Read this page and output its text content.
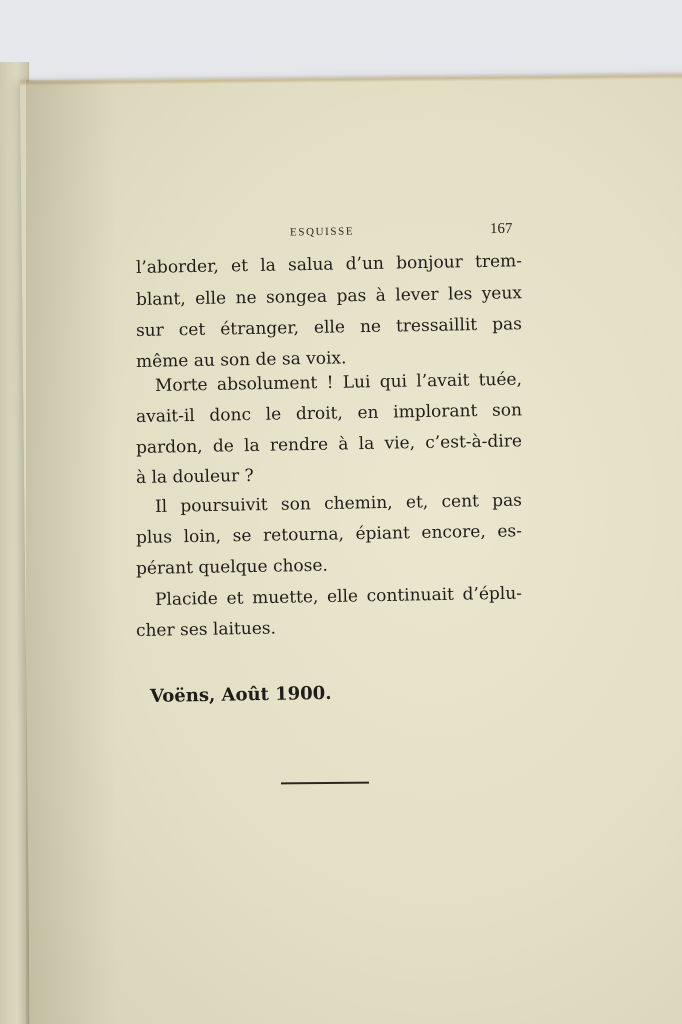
ESQUISSE	167
l’aborder, et la salua d’un bonjour trem-
blant, elle ne songea pas à lever les yeux
sur cet étranger, elle ne tressaillit pas
même au son de sa voix.
Morte absolument ! Lui qui l’avait tuée,
avait-il donc le droit, en implorant son
pardon, de la rendre à la vie, c’est-à-dire
à la douleur ?
Il poursuivit son chemin, et, cent pas
plus loin, se retourna, épiant encore, es-
pérant quelque chose.
Placide et muette, elle continuait d’éplu-
cher ses laitues.
Voëns, Août 1900.
